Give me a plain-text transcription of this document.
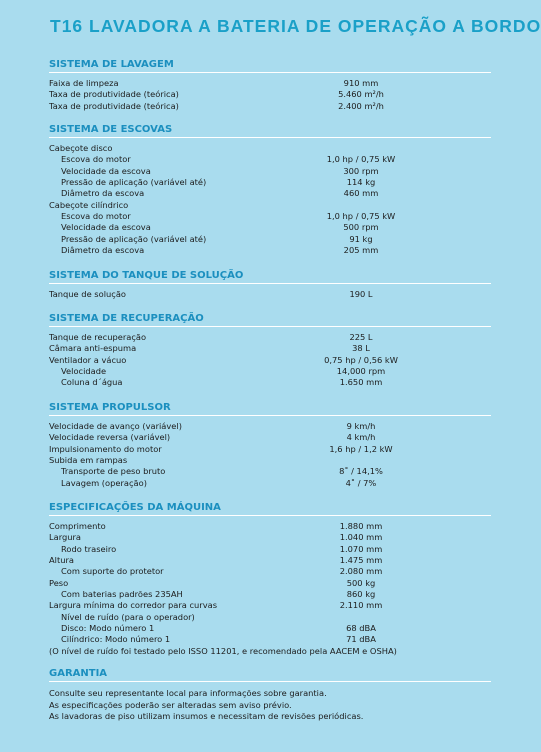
T16 LAVADORA A BATERIA DE OPERAÇÃO A BORDO
SISTEMA DE LAVAGEM
Faixa de limpeza	910 mm
Taxa de produtividade (teórica)	5.460 m²/h
Taxa de produtividade (teórica)	2.400 m²/h
SISTEMA DE ESCOVAS
Cabeçote disco
Escova do motor	1,0 hp / 0,75 kW
Velocidade da escova	300 rpm
Pressão de aplicação (variável até)	114 kg
Diâmetro da escova	460 mm
Cabeçote cilíndrico
Escova do motor	1,0 hp / 0,75 kW
Velocidade da escova	500 rpm
Pressão de aplicação (variável até)	91 kg
Diâmetro da escova	205 mm
SISTEMA DO TANQUE DE SOLUÇÃO
Tanque de solução	190 L
SISTEMA DE RECUPERAÇÃO
Tanque de recuperação	225 L
Câmara anti-espuma	38 L
Ventilador a vácuo	0,75 hp / 0,56 kW
Velocidade	14,000 rpm
Coluna d´água	1.650 mm
SISTEMA PROPULSOR
Velocidade de avanço (variável)	9 km/h
Velocidade reversa (variável)	4 km/h
Impulsionamento do motor	1,6 hp / 1,2 kW
Subida em rampas
Transporte de peso bruto	8˚ / 14,1%
Lavagem (operação)	4˚ / 7%
ESPECIFICAÇÕES DA MÁQUINA
Comprimento	1.880 mm
Largura	1.040 mm
Rodo traseiro	1.070 mm
Altura	1.475 mm
Com suporte do protetor	2.080 mm
Peso	500 kg
Com baterias padrões 235AH	860 kg
Largura mínima do corredor para curvas	2.110 mm
Nível de ruído (para o operador)
Disco: Modo número 1	68 dBA
Cilíndrico: Modo número 1	71 dBA
(O nível de ruído foi testado pelo ISSO 11201, e recomendado pela AACEM e OSHA)
GARANTIA
Consulte seu representante local para informações sobre garantia.
As especificações poderão ser alteradas sem aviso prévio.
As lavadoras de piso utilizam insumos e necessitam de revisões periódicas.
